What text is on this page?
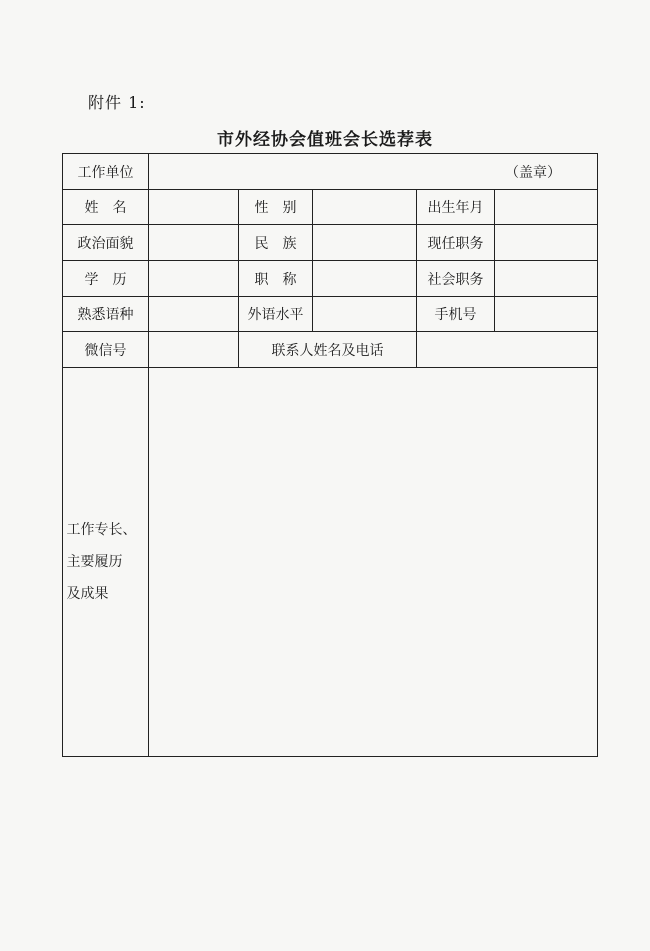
附件 1:
市外经协会值班会长选荐表
工作单位	（盖章）
姓名	性别	出生年月
政治面貌	民族	现任职务
学历	职称	社会职务
熟悉语种	外语水平	手机号
微信号	联系人姓名及电话
工作专长、
主要履历
及成果
